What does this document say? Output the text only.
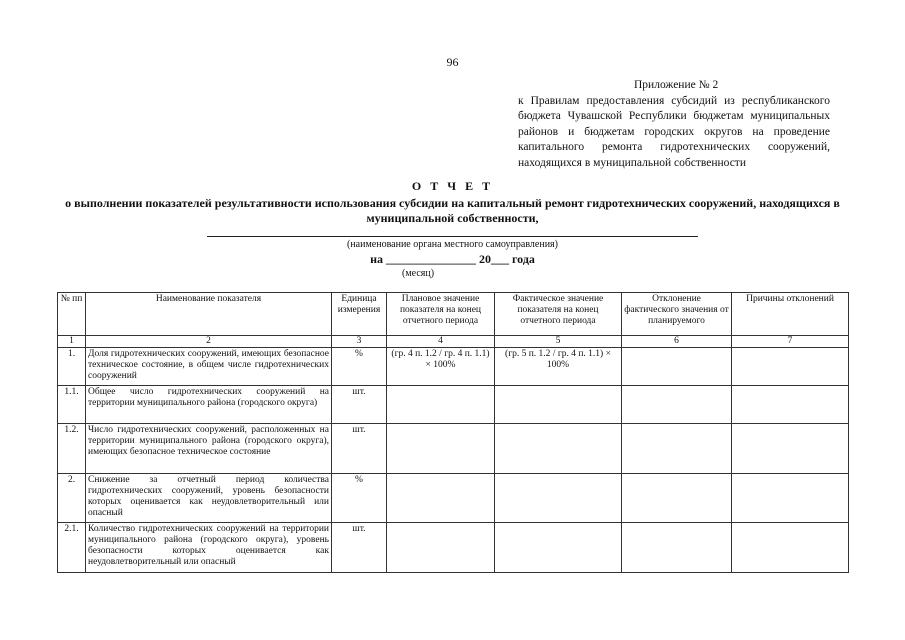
96
Приложение № 2
к Правилам предоставления субсидий из республиканского бюджета Чувашской Республики бюджетам муниципальных районов и бюджетам городских округов на проведение капитального ремонта гидротехнических сооружений, находящихся в муниципальной собственности
О Т Ч Е Т
о выполнении показателей результативности использования субсидии на капитальный ремонт гидротехнических сооружений, находящихся в муниципальной собственности,
(наименование органа местного самоуправления)
на _______________ 20___ года
(месяц)
№ пп	Наименование показателя	Единица измерения	Плановое значение показателя на конец отчетного периода	Фактическое значение показателя на конец отчетного периода	Отклонение фактического значения от планируемого	Причины отклонений
1	2	3	4	5	6	7
1.	Доля гидротехнических сооружений, имеющих безопасное техническое состояние, в общем числе гидротехнических сооружений	%	(гр. 4 п. 1.2 / гр. 4 п. 1.1) × 100%	(гр. 5 п. 1.2 / гр. 4 п. 1.1) × 100%		
1.1.	Общее число гидротехнических сооружений на территории муниципального района (городского округа)	шт.				
1.2.	Число гидротехнических сооружений, расположенных на территории муниципального района (городского округа), имеющих безопасное техническое состояние	шт.				
2.	Снижение за отчетный период количества гидротехнических сооружений, уровень безопасности которых оценивается как неудовлетворительный или опасный	%				
2.1.	Количество гидротехнических сооружений на территории муниципального района (городского округа), уровень безопасности которых оценивается как неудовлетворительный или опасный	шт.				
